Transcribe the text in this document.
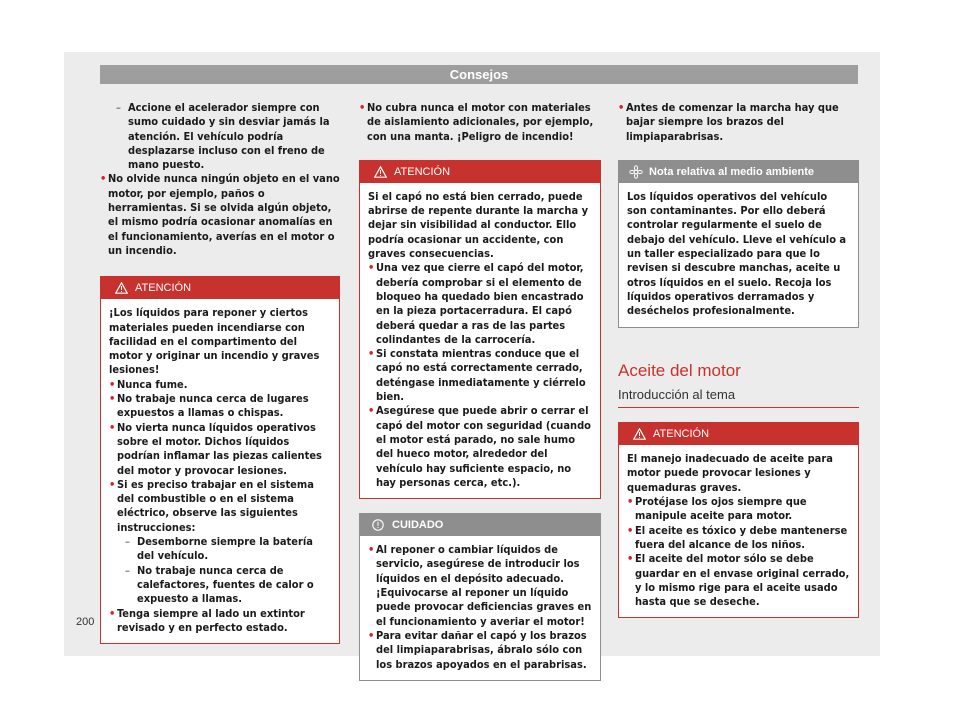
Consejos

– Accione el acelerador siempre con sumo cuidado y sin desviar jamás la atención. El vehículo podría desplazarse incluso con el freno de mano puesto.

• No olvide nunca ningún objeto en el vano motor, por ejemplo, paños o herramientas. Si se olvida algún objeto, el mismo podría ocasionar anomalías en el funcionamiento, averías en el motor o un incendio.

ATENCIÓN

¡Los líquidos para reponer y ciertos materiales pueden incendiarse con facilidad en el compartimento del motor y originar un incendio y graves lesiones!

• Nunca fume.

• No trabaje nunca cerca de lugares expuestos a llamas o chispas.

• No vierta nunca líquidos operativos sobre el motor. Dichos líquidos podrían inflamar las piezas calientes del motor y provocar lesiones.

• Si es preciso trabajar en el sistema del combustible o en el sistema eléctrico, observe las siguientes instrucciones:

– Desemborne siempre la batería del vehículo.

– No trabaje nunca cerca de calefactores, fuentes de calor o expuesto a llamas.

• Tenga siempre al lado un extintor revisado y en perfecto estado.

• No cubra nunca el motor con materiales de aislamiento adicionales, por ejemplo, con una manta. ¡Peligro de incendio!

ATENCIÓN

Si el capó no está bien cerrado, puede abrirse de repente durante la marcha y dejar sin visibilidad al conductor. Ello podría ocasionar un accidente, con graves consecuencias.

• Una vez que cierre el capó del motor, debería comprobar si el elemento de bloqueo ha quedado bien encastrado en la pieza portacerradura. El capó deberá quedar a ras de las partes colindantes de la carrocería.

• Si constata mientras conduce que el capó no está correctamente cerrado, deténgase inmediatamente y ciérrelo bien.

• Asegúrese que puede abrir o cerrar el capó del motor con seguridad (cuando el motor está parado, no sale humo del hueco motor, alrededor del vehículo hay suficiente espacio, no hay personas cerca, etc.).

CUIDADO

• Al reponer o cambiar líquidos de servicio, asegúrese de introducir los líquidos en el depósito adecuado. ¡Equivocarse al reponer un líquido puede provocar deficiencias graves en el funcionamiento y averiar el motor!

• Para evitar dañar el capó y los brazos del limpiaparabrisas, ábralo sólo con los brazos apoyados en el parabrisas.

• Antes de comenzar la marcha hay que bajar siempre los brazos del limpiaparabrisas.

Nota relativa al medio ambiente

Los líquidos operativos del vehículo son contaminantes. Por ello deberá controlar regularmente el suelo de debajo del vehículo. Lleve el vehículo a un taller especializado para que lo revisen si descubre manchas, aceite u otros líquidos en el suelo. Recoja los líquidos operativos derramados y deséchelos profesionalmente.

Aceite del motor

Introducción al tema
ATENCIÓN

El manejo inadecuado de aceite para motor puede provocar lesiones y quemaduras graves.

• Protéjase los ojos siempre que manipule aceite para motor.

• El aceite es tóxico y debe mantenerse fuera del alcance de los niños.

• El aceite del motor sólo se debe guardar en el envase original cerrado, y lo mismo rige para el aceite usado hasta que se deseche.

200
